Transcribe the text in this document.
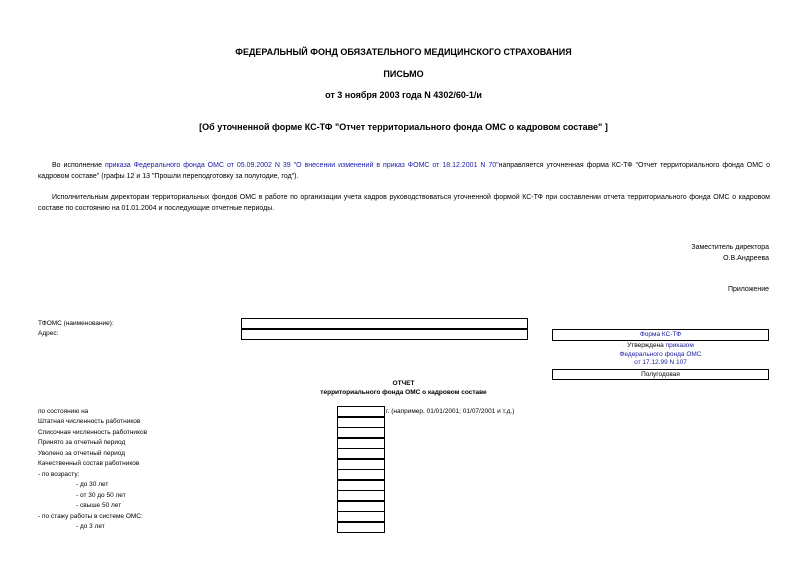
ФЕДЕРАЛЬНЫЙ ФОНД ОБЯЗАТЕЛЬНОГО МЕДИЦИНСКОГО СТРАХОВАНИЯ
ПИСЬМО
от 3 ноября 2003 года N 4302/60-1/и
[Об уточненной форме КС-ТФ "Отчет территориального фонда ОМС о кадровом составе" ]
Во исполнение приказа Федерального фонда ОМС от 05.09.2002 N 39 "О внесении изменений в приказ ФОМС от 18.12.2001 N 70"направляется уточненная форма КС-ТФ "Отчет территориального фонда ОМС о кадровом составе" (графы 12 и 13 "Прошли переподготовку за полугодие, год").
Исполнительным директорам территориальных фондов ОМС в работе по организации учета кадров руководствоваться уточненной формой КС-ТФ при составлении отчета территориального фонда ОМС о кадровом составе по состоянию на 01.01.2004 и последующие отчетные периоды.
Заместитель директора
О.В.Андреева
Приложение
ТФОМС (наименование):
Адрес:	Форма КС-ТФ
Утверждена приказом
Федерального фонда ОМС
от 17.12.99 N 107
Полугодовая
ОТЧЕТ
территориального фонда ОМС о кадровом составе
по состоянию на	г. (например, 01/01/2001; 01/07/2001 и т.д.)
Штатная численность работников
Списочная численность работников
Принято за отчетный период
Уволено за отчетный период
Качественный состав работников
- по возрасту:
- до 30 лет
- от 30 до 50 лет
- свыше 50 лет
- по стажу работы в системе ОМС:
- до 3 лет
